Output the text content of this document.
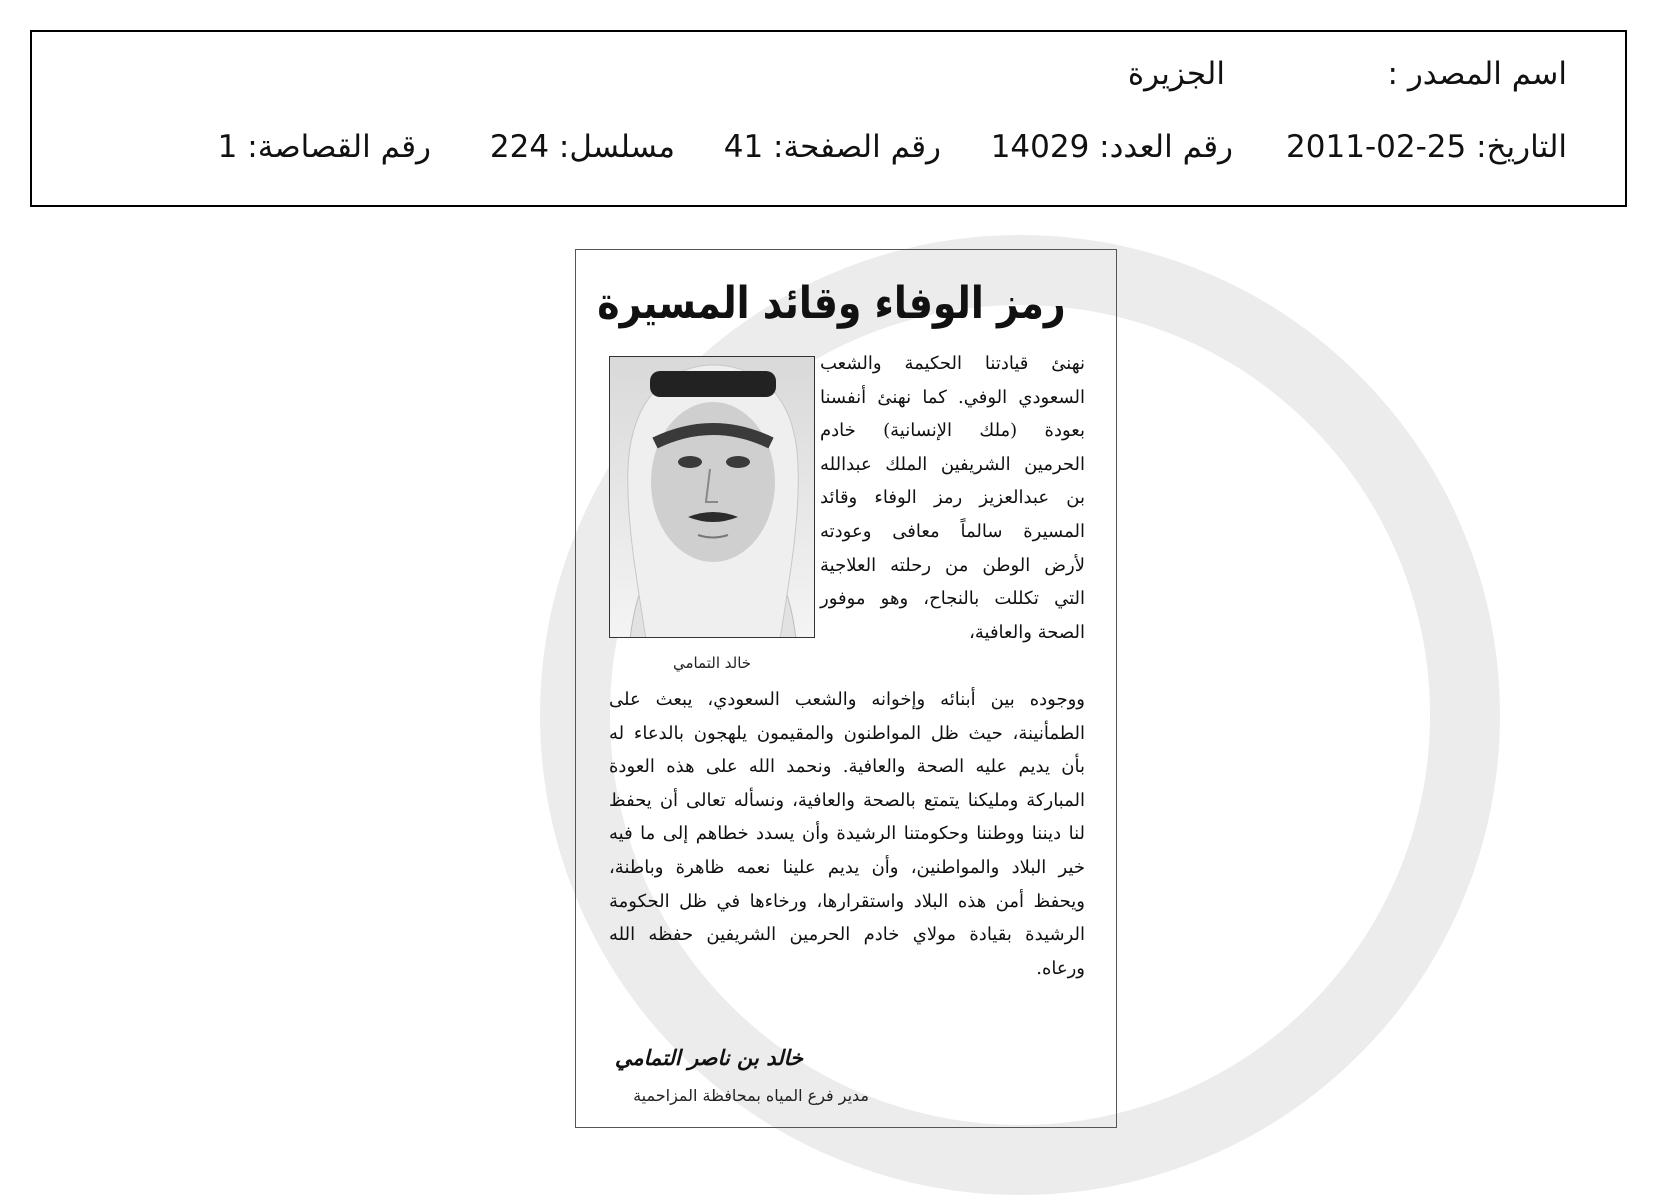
اسم المصدر :
الجزيرة
التاريخ: 25-02-2011
رقم العدد: 14029
رقم الصفحة: 41
مسلسل: 224
رقم القصاصة: 1
رمز الوفاء وقائد المسيرة
خالد التمامي

نهنئ قيادتنا الحكيمة والشعب السعودي الوفي. كما نهنئ أنفسنا بعودة (ملك الإنسانية) خادم الحرمين الشريفين الملك عبدالله بن عبدالعزيز رمز الوفاء وقائد المسيرة سالماً معافى وعودته لأرض الوطن من رحلته العلاجية التي تكللت بالنجاح، وهو موفور الصحة والعافية،

ووجوده بين أبنائه وإخوانه والشعب السعودي، يبعث على الطمأنينة، حيث ظل المواطنون والمقيمون يلهجون بالدعاء له بأن يديم عليه الصحة والعافية. ونحمد الله على هذه العودة المباركة ومليكنا يتمتع بالصحة والعافية، ونسأله تعالى أن يحفظ لنا ديننا ووطننا وحكومتنا الرشيدة وأن يسدد خطاهم إلى ما فيه خير البلاد والمواطنين، وأن يديم علينا نعمه ظاهرة وباطنة، ويحفظ أمن هذه البلاد واستقرارها، ورخاءها في ظل الحكومة الرشيدة بقيادة مولاي خادم الحرمين الشريفين حفظه الله ورعاه.

خالد بن ناصر التمامي
مدير فرع المياه بمحافظة المزاحمية
